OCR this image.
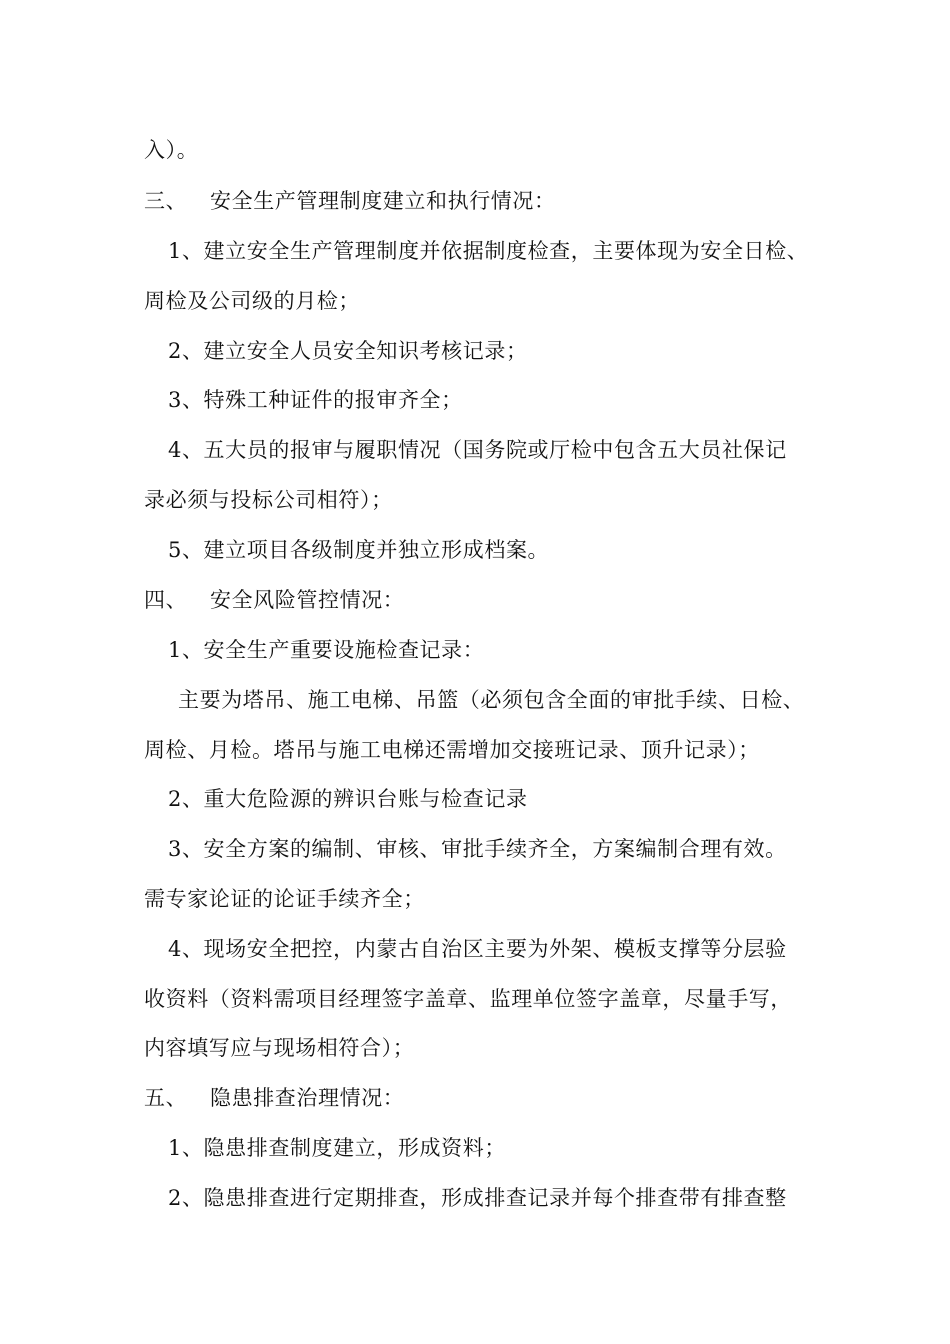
入）。
三、 安全生产管理制度建立和执行情况：
1、建立安全生产管理制度并依据制度检查，主要体现为安全日检、
周检及公司级的月检；
2、建立安全人员安全知识考核记录；
3、特殊工种证件的报审齐全；
4、五大员的报审与履职情况（国务院或厅检中包含五大员社保记
录必须与投标公司相符）；
5、建立项目各级制度并独立形成档案。
四、 安全风险管控情况：
1、安全生产重要设施检查记录：
主要为塔吊、施工电梯、吊篮（必须包含全面的审批手续、日检、
周检、月检。塔吊与施工电梯还需增加交接班记录、顶升记录）；
2、重大危险源的辨识台账与检查记录
3、安全方案的编制、审核、审批手续齐全，方案编制合理有效。
需专家论证的论证手续齐全；
4、现场安全把控，内蒙古自治区主要为外架、模板支撑等分层验
收资料（资料需项目经理签字盖章、监理单位签字盖章，尽量手写，
内容填写应与现场相符合）；
五、 隐患排查治理情况：
1、隐患排查制度建立，形成资料；
2、隐患排查进行定期排查，形成排查记录并每个排查带有排查整
